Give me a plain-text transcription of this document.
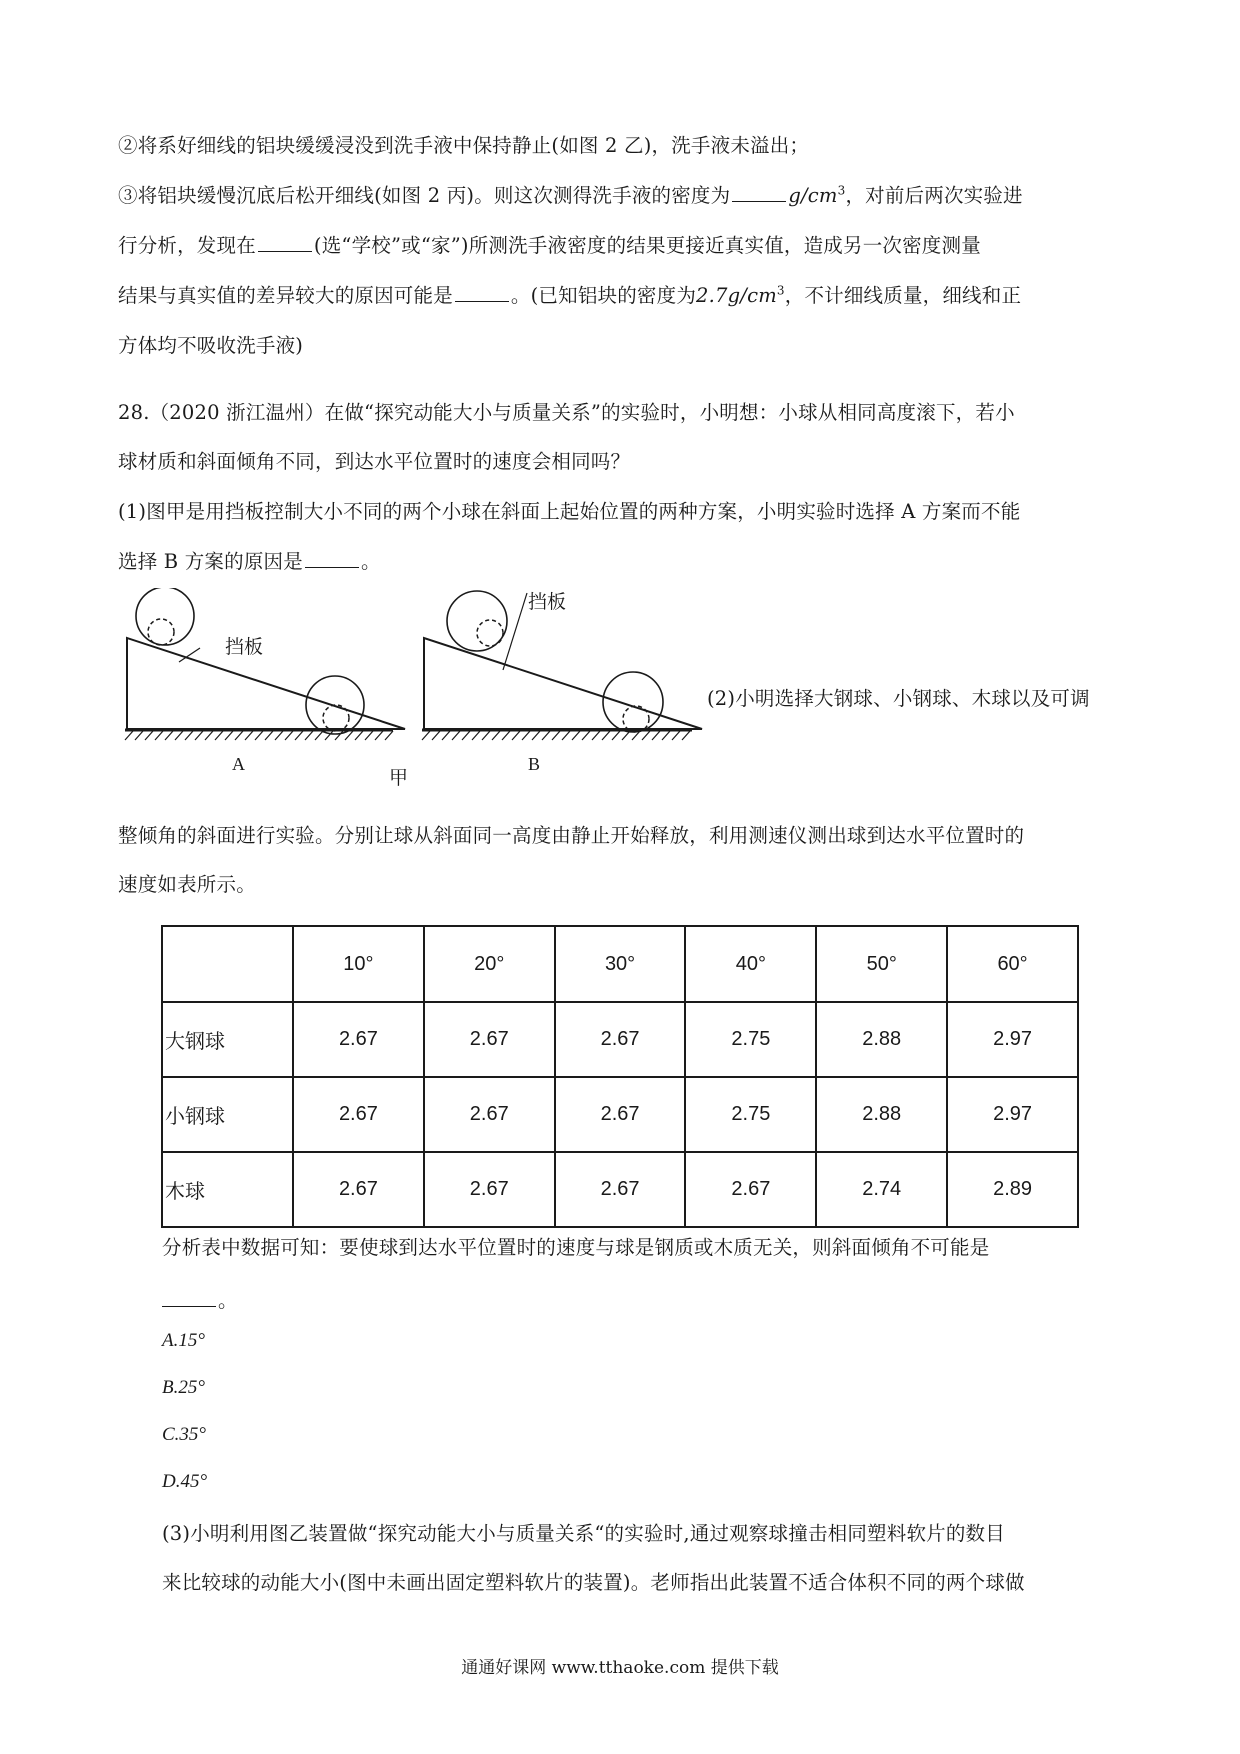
②将系好细线的铝块缓缓浸没到洗手液中保持静止(如图 2 乙)，洗手液未溢出；
③将铝块缓慢沉底后松开细线(如图 2 丙)。则这次测得洗手液的密度为	$g/cm^3$，对前后两次实验进
行分析，发现在	(选“学校”或“家”)所测洗手液密度的结果更接近真实值，造成另一次密度测量
结果与真实值的差异较大的原因可能是	。(已知铝块的密度为$2.7g/cm^3$，不计细线质量，细线和正
方体均不吸收洗手液)
28.（2020 浙江温州）在做“探究动能大小与质量关系”的实验时，小明想：小球从相同高度滚下，若小
球材质和斜面倾角不同，到达水平位置时的速度会相同吗？
(1)图甲是用挡板控制大小不同的两个小球在斜面上起始位置的两种方案，小明实验时选择 A 方案而不能
选择 B 方案的原因是	。
挡板
A
挡板
B
甲
(2)小明选择大钢球、小钢球、木球以及可调
整倾角的斜面进行实验。分别让球从斜面同一高度由静止开始释放，利用测速仪测出球到达水平位置时的
速度如表所示。
	10°	20°	30°	40°	50°	60°
大钢球	2.67	2.67	2.67	2.75	2.88	2.97
小钢球	2.67	2.67	2.67	2.75	2.88	2.97
木球	2.67	2.67	2.67	2.67	2.74	2.89
分析表中数据可知：要使球到达水平位置时的速度与球是钢质或木质无关，则斜面倾角不可能是
。
A.15°
B.25°
C.35°
D.45°
(3)小明利用图乙装置做“探究动能大小与质量关系“的实验时,通过观察球撞击相同塑料软片的数目
来比较球的动能大小(图中未画出固定塑料软片的装置)。老师指出此装置不适合体积不同的两个球做
通通好课网 www.tthaoke.com 提供下载
